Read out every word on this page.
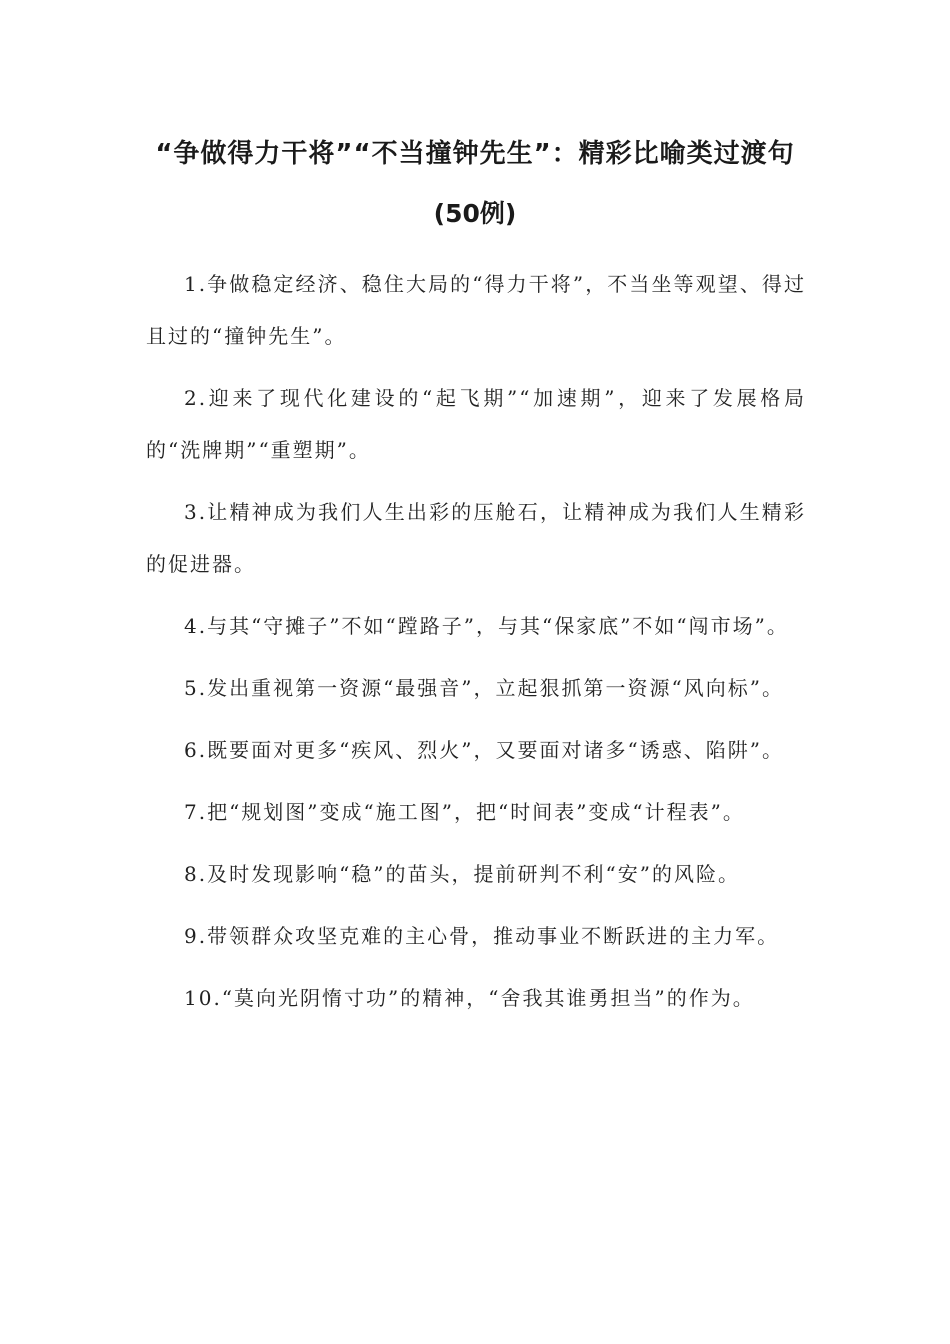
“争做得力干将”“不当撞钟先生”：精彩比喻类过渡句
(50例)

1.争做稳定经济、稳住大局的“得力干将”，不当坐等观望、得过且过的“撞钟先生”。

2.迎来了现代化建设的“起飞期”“加速期”，迎来了发展格局的“洗牌期”“重塑期”。

3.让精神成为我们人生出彩的压舱石，让精神成为我们人生精彩的促进器。

4.与其“守摊子”不如“蹚路子”，与其“保家底”不如“闯市场”。

5.发出重视第一资源“最强音”，立起狠抓第一资源“风向标”。

6.既要面对更多“疾风、烈火”，又要面对诸多“诱惑、陷阱”。

7.把“规划图”变成“施工图”，把“时间表”变成“计程表”。

8.及时发现影响“稳”的苗头，提前研判不利“安”的风险。

9.带领群众攻坚克难的主心骨，推动事业不断跃进的主力军。

10.“莫向光阴惰寸功”的精神，“舍我其谁勇担当”的作为。
